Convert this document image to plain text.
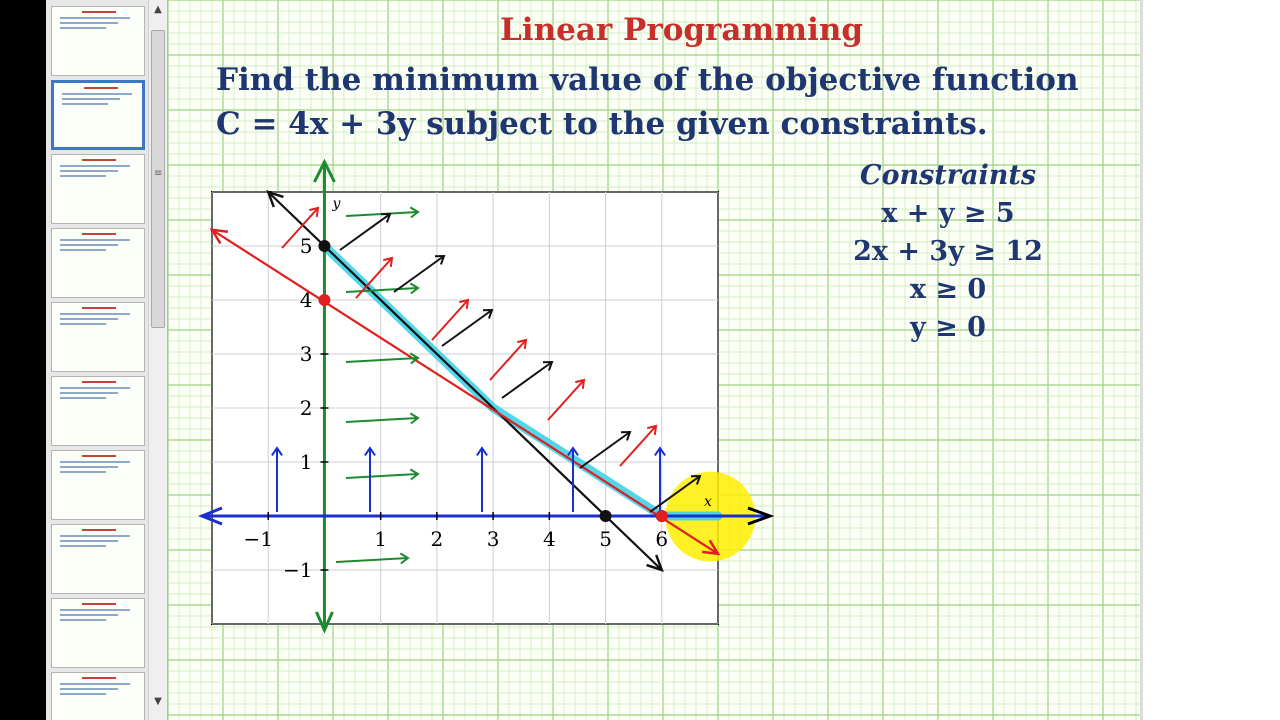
▲
≡
▼
Linear Programming
Find the minimum value of the objective function
C = 4x + 3y subject to the given constraints.
Constraints
x + y ≥ 5
2x + 3y ≥ 12
x ≥ 0
y ≥ 0
−1	1 2 3 4 5 6
−1
1
2
3
4
5
y
x
